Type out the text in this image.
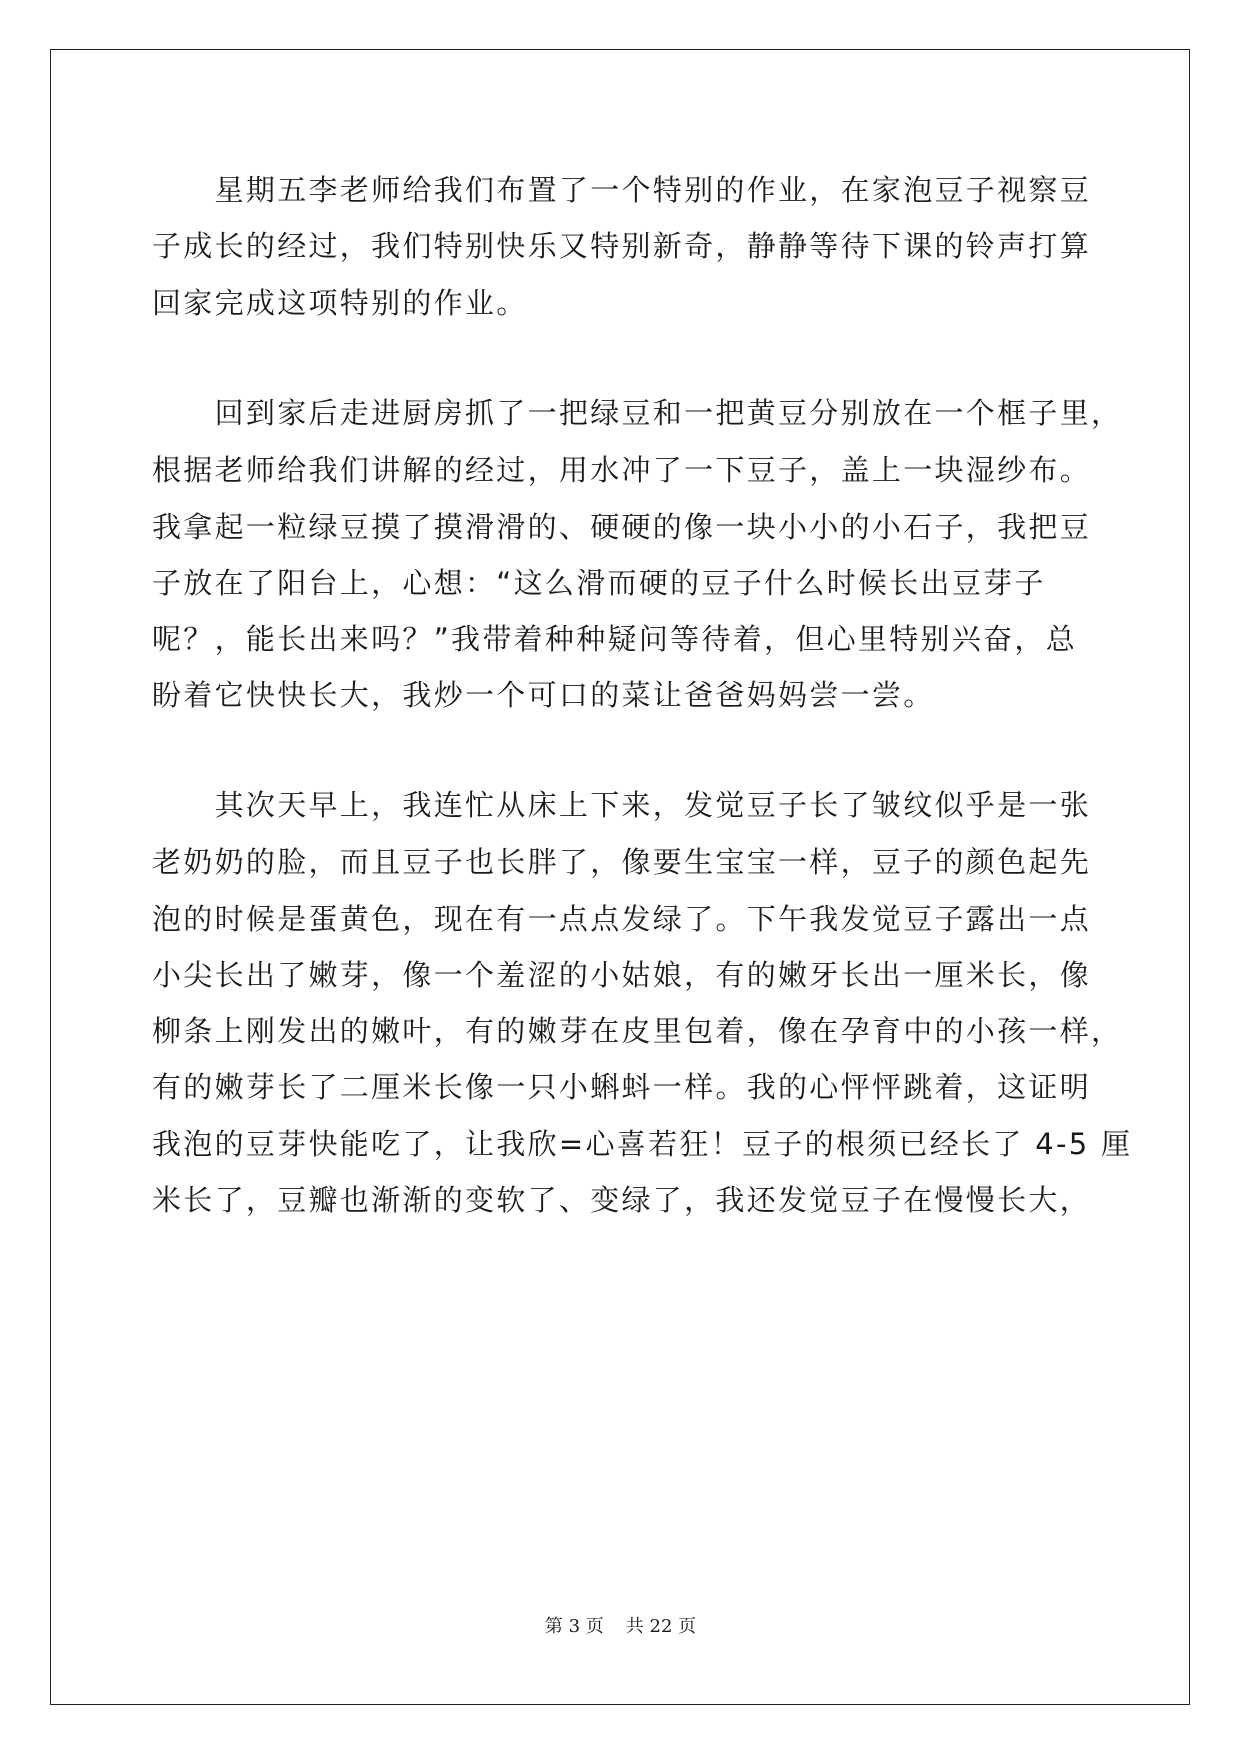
　　星期五李老师给我们布置了一个特别的作业，在家泡豆子视察豆
子成长的经过，我们特别快乐又特别新奇，静静等待下课的铃声打算
回家完成这项特别的作业。
　　回到家后走进厨房抓了一把绿豆和一把黄豆分别放在一个框子里，
根据老师给我们讲解的经过，用水冲了一下豆子，盖上一块湿纱布。
我拿起一粒绿豆摸了摸滑滑的、硬硬的像一块小小的小石子，我把豆
子放在了阳台上，心想：“这么滑而硬的豆子什么时候长出豆芽子
呢？，能长出来吗？”我带着种种疑问等待着，但心里特别兴奋，总
盼着它快快长大，我炒一个可口的菜让爸爸妈妈尝一尝。
　　其次天早上，我连忙从床上下来，发觉豆子长了皱纹似乎是一张
老奶奶的脸，而且豆子也长胖了，像要生宝宝一样，豆子的颜色起先
泡的时候是蛋黄色，现在有一点点发绿了。下午我发觉豆子露出一点
小尖长出了嫩芽，像一个羞涩的小姑娘，有的嫩牙长出一厘米长，像
柳条上刚发出的嫩叶，有的嫩芽在皮里包着，像在孕育中的小孩一样，
有的嫩芽长了二厘米长像一只小蝌蚪一样。我的心怦怦跳着，这证明
我泡的豆芽快能吃了，让我欣=心喜若狂！豆子的根须已经长了 4-5 厘
米长了，豆瓣也渐渐的变软了、变绿了，我还发觉豆子在慢慢长大，
第 3 页 共 22 页
